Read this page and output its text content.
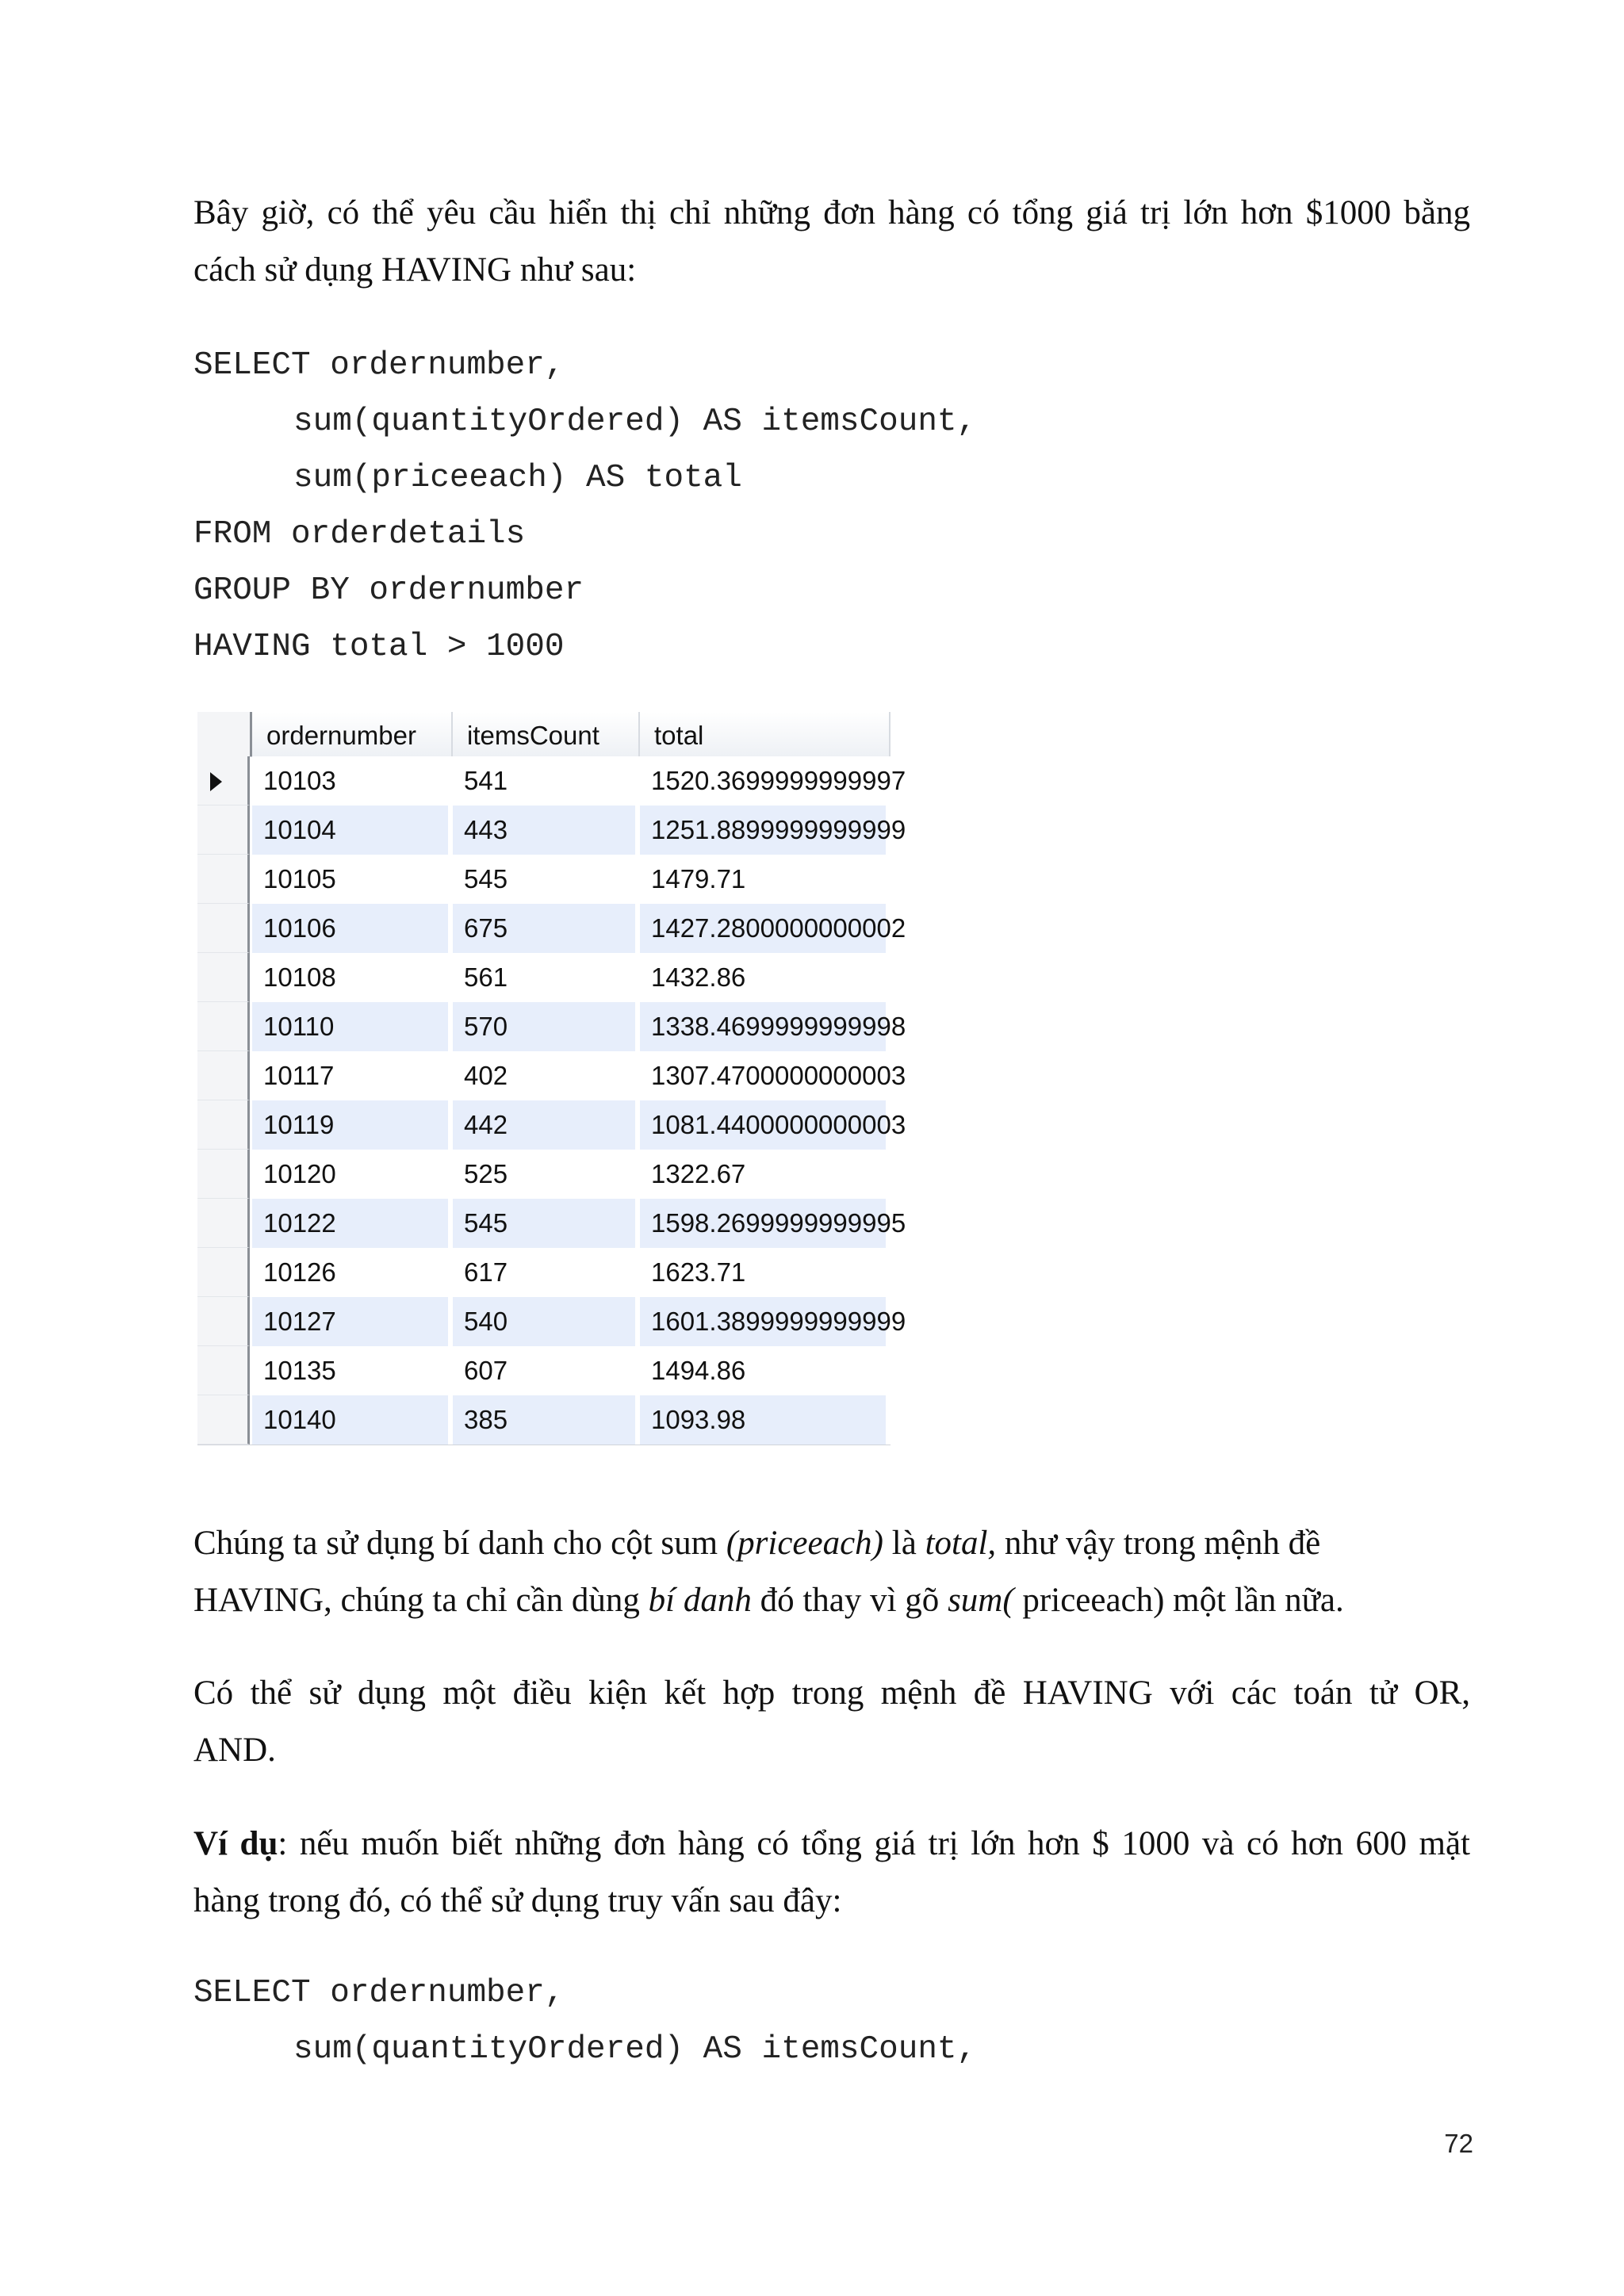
Bây giờ, có thể yêu cầu hiển thị chỉ những đơn hàng có tổng giá trị lớn hơn $1000 bằng
cách sử dụng HAVING như sau:

SELECT ordernumber,
sum(quantityOrdered) AS itemsCount,
sum(priceeach) AS total
FROM orderdetails
GROUP BY ordernumber
HAVING total > 1000
ordernumber	itemsCount	total
10103	541	1520.3699999999997
10104	443	1251.8899999999999
10105	545	1479.71
10106	675	1427.2800000000002
10108	561	1432.86
10110	570	1338.4699999999998
10117	402	1307.4700000000003
10119	442	1081.4400000000003
10120	525	1322.67
10122	545	1598.2699999999995
10126	617	1623.71
10127	540	1601.3899999999999
10135	607	1494.86
10140	385	1093.98

Chúng ta sử dụng bí danh cho cột sum (priceeach) là total, như vậy trong mệnh đề
HAVING, chúng ta chỉ cần dùng bí danh đó thay vì gõ sum( priceeach) một lần nữa.

Có thể sử dụng một điều kiện kết hợp trong mệnh đề HAVING với các toán tử OR,
AND.

Ví dụ: nếu muốn biết những đơn hàng có tổng giá trị lớn hơn $ 1000 và có hơn 600 mặt
hàng trong đó, có thể sử dụng truy vấn sau đây:

SELECT ordernumber,
sum(quantityOrdered) AS itemsCount,
72
